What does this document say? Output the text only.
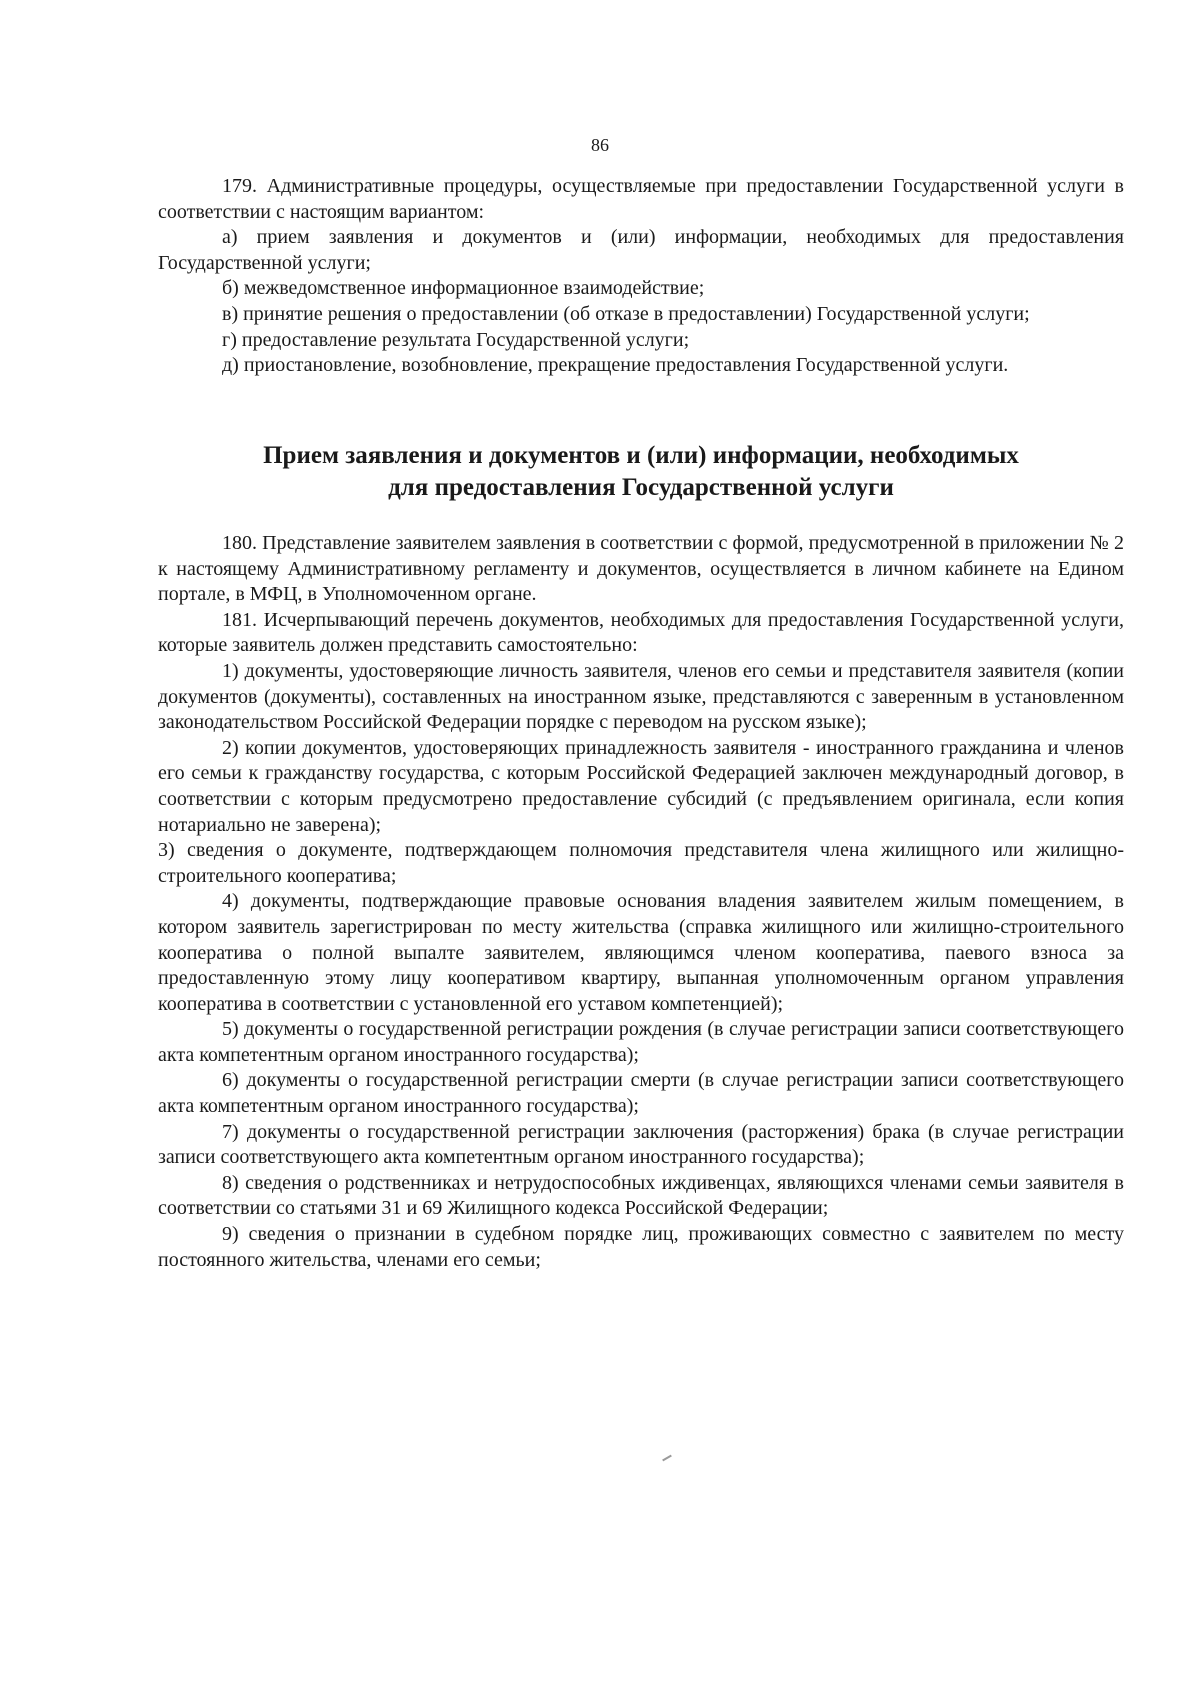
86

179. Административные процедуры, осуществляемые при предоставлении Государственной услуги в соответствии с настоящим вариантом:

а) прием заявления и документов и (или) информации, необходимых для предоставления Государственной услуги;

б) межведомственное информационное взаимодействие;

в) принятие решения о предоставлении (об отказе в предоставлении) Государственной услуги;

г) предоставление результата Государственной услуги;

д) приостановление, возобновление, прекращение предоставления Государственной услуги.

Прием заявления и документов и (или) информации, необходимых
для предоставления Государственной услуги

180. Представление заявителем заявления в соответствии с формой, предусмотренной в приложении № 2 к настоящему Административному регламенту и документов, осуществляется в личном кабинете на Едином портале, в МФЦ, в Уполномоченном органе.

181. Исчерпывающий перечень документов, необходимых для предоставления Государственной услуги, которые заявитель должен представить самостоятельно:

1) документы, удостоверяющие личность заявителя, членов его семьи и представителя заявителя (копии документов (документы), составленных на иностранном языке, представляются с заверенным в установленном законодательством Российской Федерации порядке с переводом на русском языке);

2) копии документов, удостоверяющих принадлежность заявителя - иностранного гражданина и членов его семьи к гражданству государства, с которым Российской Федерацией заключен международный договор, в соответствии с которым предусмотрено предоставление субсидий (с предъявлением оригинала, если копия нотариально не заверена);

3) сведения о документе, подтверждающем полномочия представителя члена жилищного или жилищно-строительного кооператива;

4) документы, подтверждающие правовые основания владения заявителем жилым помещением, в котором заявитель зарегистрирован по месту жительства (справка жилищного или жилищно-строительного кооператива о полной выпалте заявителем, являющимся членом кооператива, паевого взноса за предоставленную этому лицу кооперативом квартиру, выпанная уполномоченным органом управления кооператива в соответствии с установленной его уставом компетенцией);

5) документы о государственной регистрации рождения (в случае регистрации записи соответствующего акта компетентным органом иностранного государства);

6) документы о государственной регистрации смерти (в случае регистрации записи соответствующего акта компетентным органом иностранного государства);

7) документы о государственной регистрации заключения (расторжения) брака (в случае регистрации записи соответствующего акта компетентным органом иностранного государства);

8) сведения о родственниках и нетрудоспособных иждивенцах, являющихся членами семьи заявителя в соответствии со статьями 31 и 69 Жилищного кодекса Российской Федерации;

9) сведения о признании в судебном порядке лиц, проживающих совместно с заявителем по месту постоянного жительства, членами его семьи;
